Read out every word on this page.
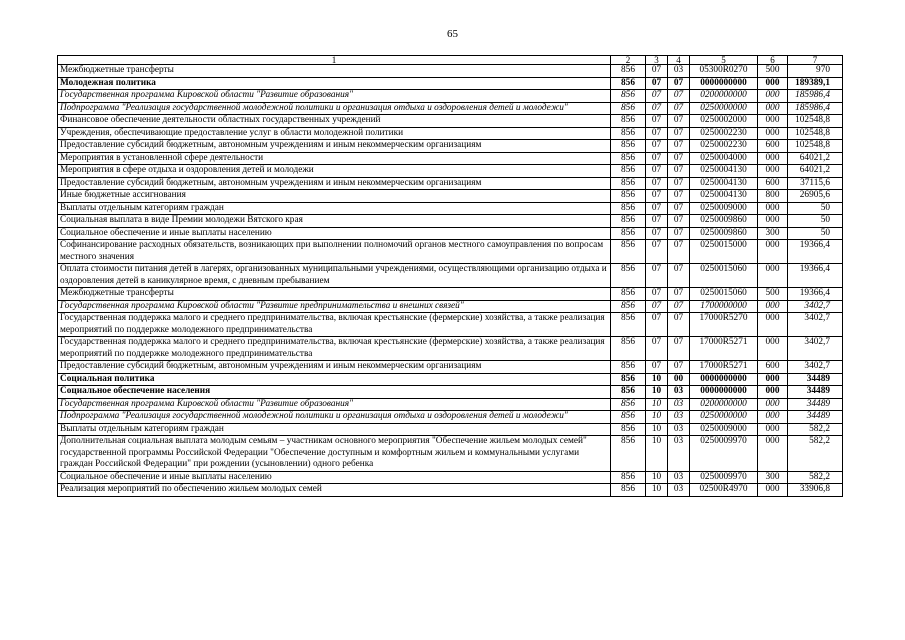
65
1	2	3	4	5	6	7
Межбюджетные трансферты	856	07	03	05300R0270	500	970
Молодежная политика	856	07	07	0000000000	000	189389,1
Государственная программа Кировской области "Развитие образования"	856	07	07	0200000000	000	185986,4
Подпрограмма "Реализация государственной молодежной политики и организация отдыха и оздоровления детей и молодежи"	856	07	07	0250000000	000	185986,4
Финансовое обеспечение деятельности областных государственных учреждений	856	07	07	0250002000	000	102548,8
Учреждения, обеспечивающие предоставление услуг в области молодежной политики	856	07	07	0250002230	000	102548,8
Предоставление субсидий бюджетным, автономным учреждениям и иным некоммерческим организациям	856	07	07	0250002230	600	102548,8
Мероприятия в установленной сфере деятельности	856	07	07	0250004000	000	64021,2
Мероприятия в сфере отдыха и оздоровления детей и молодежи	856	07	07	0250004130	000	64021,2
Предоставление субсидий бюджетным, автономным учреждениям и иным некоммерческим организациям	856	07	07	0250004130	600	37115,6
Иные бюджетные ассигнования	856	07	07	0250004130	800	26905,6
Выплаты отдельным категориям граждан	856	07	07	0250009000	000	50
Социальная выплата в виде Премии молодежи Вятского края	856	07	07	0250009860	000	50
Социальное обеспечение и иные выплаты населению	856	07	07	0250009860	300	50
Софинансирование расходных обязательств, возникающих при выполнении полномочий органов местного самоуправления по вопросам местного значения	856	07	07	0250015000	000	19366,4
Оплата стоимости питания детей в лагерях, организованных муниципальными учреждениями, осуществляющими организацию отдыха и оздоровления детей в каникулярное время, с дневным пребыванием	856	07	07	0250015060	000	19366,4
Межбюджетные трансферты	856	07	07	0250015060	500	19366,4
Государственная программа Кировской области "Развитие предпринимательства и внешних связей"	856	07	07	1700000000	000	3402,7
Государственная поддержка малого и среднего предпринимательства, включая крестьянские (фермерские) хозяйства, а также реализация мероприятий по поддержке молодежного предпринимательства	856	07	07	17000R5270	000	3402,7
Государственная поддержка малого и среднего предпринимательства, включая крестьянские (фермерские) хозяйства, а также реализация мероприятий по поддержке молодежного предпринимательства	856	07	07	17000R5271	000	3402,7
Предоставление субсидий бюджетным, автономным учреждениям и иным некоммерческим организациям	856	07	07	17000R5271	600	3402,7
Социальная политика	856	10	00	0000000000	000	34489
Социальное обеспечение населения	856	10	03	0000000000	000	34489
Государственная программа Кировской области "Развитие образования"	856	10	03	0200000000	000	34489
Подпрограмма "Реализация государственной молодежной политики и организация отдыха и оздоровления детей и молодежи"	856	10	03	0250000000	000	34489
Выплаты отдельным категориям граждан	856	10	03	0250009000	000	582,2
Дополнительная социальная выплата молодым семьям – участникам основного мероприятия "Обеспечение жильем молодых семей" государственной программы Российской Федерации "Обеспечение доступным и комфортным жильем и коммунальными услугами граждан Российской Федерации" при рождении (усыновлении) одного ребенка	856	10	03	0250009970	000	582,2
Социальное обеспечение и иные выплаты населению	856	10	03	0250009970	300	582,2
Реализация мероприятий по обеспечению жильем молодых семей	856	10	03	02500R4970	000	33906,8
